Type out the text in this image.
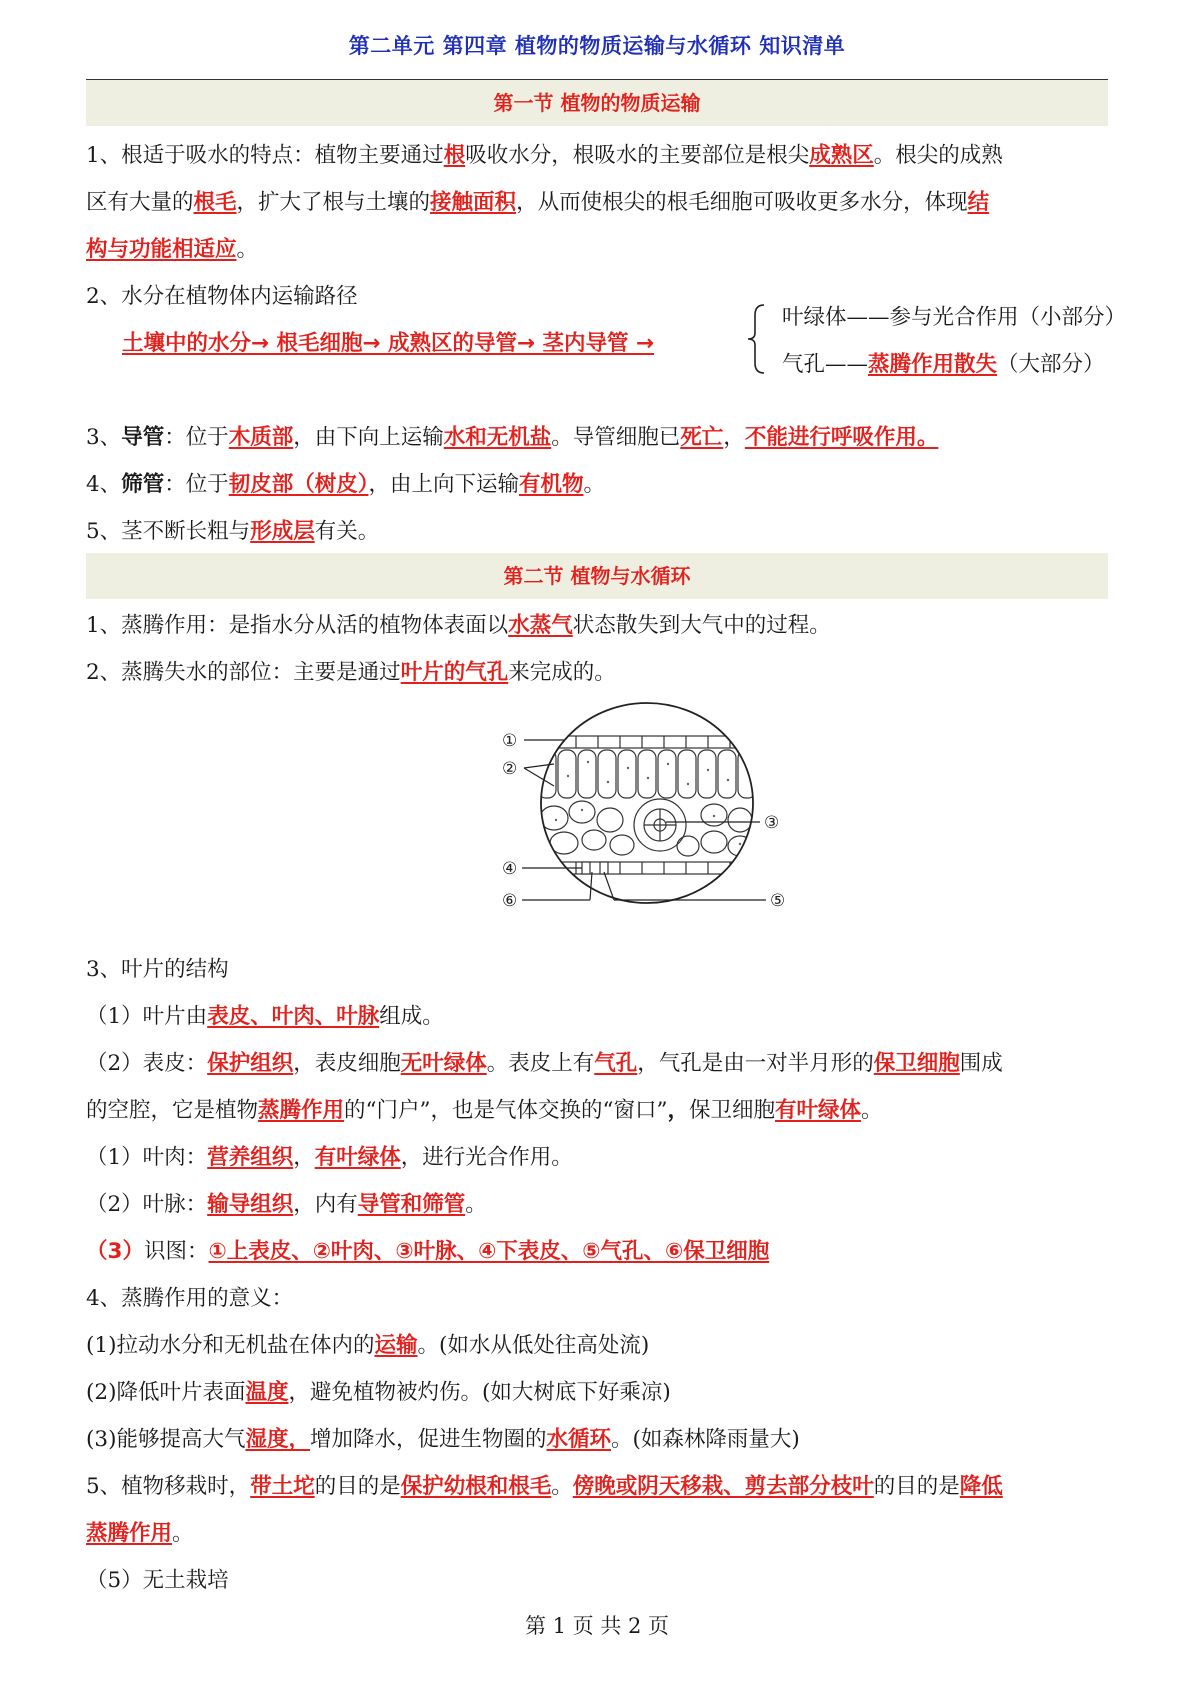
第二单元 第四章 植物的物质运输与水循环 知识清单
第一节 植物的物质运输
1、根适于吸水的特点：植物主要通过根吸收水分，根吸水的主要部位是根尖成熟区。根尖的成熟
区有大量的根毛，扩大了根与土壤的接触面积，从而使根尖的根毛细胞可吸收更多水分，体现结
构与功能相适应。
2、水分在植物体内运输路径
土壤中的水分→ 根毛细胞→ 成熟区的导管→ 茎内导管 →
叶绿体——参与光合作用（小部分）
气孔——蒸腾作用散失（大部分）
3、导管：位于木质部，由下向上运输水和无机盐。导管细胞已死亡，不能进行呼吸作用。
4、筛管：位于韧皮部（树皮），由上向下运输有机物。
5、茎不断长粗与形成层有关。
第二节 植物与水循环
1、蒸腾作用：是指水分从活的植物体表面以水蒸气状态散失到大气中的过程。
2、蒸腾失水的部位：主要是通过叶片的气孔来完成的。
①
②
③
④
⑤
⑥
3、叶片的结构
（1）叶片由表皮、叶肉、叶脉组成。
（2）表皮：保护组织，表皮细胞无叶绿体。表皮上有气孔，气孔是由一对半月形的保卫细胞围成
的空腔，它是植物蒸腾作用的“门户”，也是气体交换的“窗口”，保卫细胞有叶绿体。
（1）叶肉：营养组织，有叶绿体，进行光合作用。
（2）叶脉：输导组织，内有导管和筛管。
（3）识图：①上表皮、②叶肉、③叶脉、④下表皮、⑤气孔、⑥保卫细胞
4、蒸腾作用的意义：
(1)拉动水分和无机盐在体内的运输。(如水从低处往高处流)
(2)降低叶片表面温度，避免植物被灼伤。(如大树底下好乘凉)
(3)能够提高大气湿度，增加降水，促进生物圈的水循环。(如森林降雨量大)
5、植物移栽时，带土坨的目的是保护幼根和根毛。傍晚或阴天移栽、剪去部分枝叶的目的是降低
蒸腾作用。
（5）无土栽培
第 1 页 共 2 页
